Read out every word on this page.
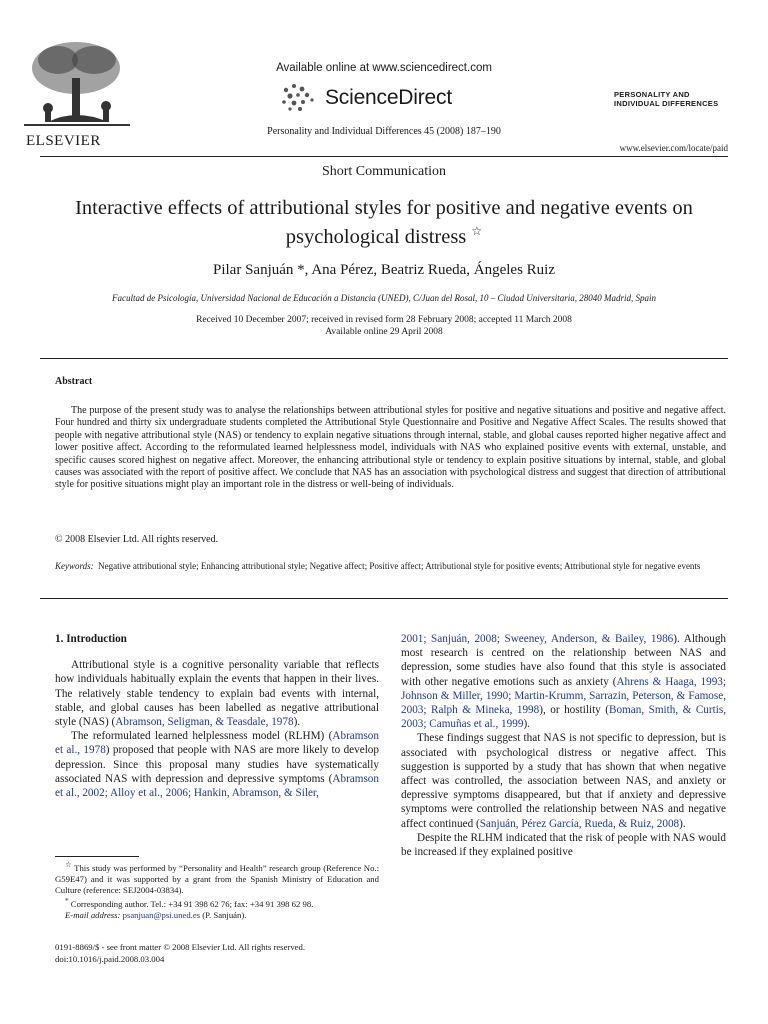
ELSEVIER
Available online at www.sciencedirect.com
ScienceDirect
Personality and Individual Differences 45 (2008) 187–190
PERSONALITY AND
INDIVIDUAL DIFFERENCES
www.elsevier.com/locate/paid
Short Communication
Interactive effects of attributional styles for positive and negative events on psychological distress ☆
Pilar Sanjuán *, Ana Pérez, Beatriz Rueda, Ángeles Ruiz
Facultad de Psicología, Universidad Nacional de Educación a Distancia (UNED), C/Juan del Rosal, 10 – Ciudad Universitaria, 28040 Madrid, Spain
Received 10 December 2007; received in revised form 28 February 2008; accepted 11 March 2008
Available online 29 April 2008
Abstract
The purpose of the present study was to analyse the relationships between attributional styles for positive and negative situations and positive and negative affect. Four hundred and thirty six undergraduate students completed the Attributional Style Questionnaire and Positive and Negative Affect Scales. The results showed that people with negative attributional style (NAS) or tendency to explain negative situations through internal, stable, and global causes reported higher negative affect and lower positive affect. According to the reformulated learned helplessness model, individuals with NAS who explained positive events with external, unstable, and specific causes scored highest on negative affect. Moreover, the enhancing attributional style or tendency to explain positive situations by internal, stable, and global causes was associated with the report of positive affect. We conclude that NAS has an association with psychological distress and suggest that direction of attributional style for positive situations might play an important role in the distress or well-being of individuals.
© 2008 Elsevier Ltd. All rights reserved.
Keywords: Negative attributional style; Enhancing attributional style; Negative affect; Positive affect; Attributional style for positive events; Attributional style for negative events
1. Introduction

Attributional style is a cognitive personality variable that reflects how individuals habitually explain the events that happen in their lives. The relatively stable tendency to explain bad events with internal, stable, and global causes has been labelled as negative attributional style (NAS) (Abramson, Seligman, & Teasdale, 1978).

The reformulated learned helplessness model (RLHM) (Abramson et al., 1978) proposed that people with NAS are more likely to develop depression. Since this proposal many studies have systematically associated NAS with depression and depressive symptoms (Abramson et al., 2002; Alloy et al., 2006; Hankin, Abramson, & Siler,

2001; Sanjuán, 2008; Sweeney, Anderson, & Bailey, 1986). Although most research is centred on the relationship between NAS and depression, some studies have also found that this style is associated with other negative emotions such as anxiety (Ahrens & Haaga, 1993; Johnson & Miller, 1990; Martin-Krumm, Sarrazin, Peterson, & Famose, 2003; Ralph & Mineka, 1998), or hostility (Boman, Smith, & Curtis, 2003; Camuñas et al., 1999).

These findings suggest that NAS is not specific to depression, but is associated with psychological distress or negative affect. This suggestion is supported by a study that has shown that when negative affect was controlled, the association between NAS, and anxiety or depressive symptoms disappeared, but that if anxiety and depressive symptoms were controlled the relationship between NAS and negative affect continued (Sanjuán, Pérez García, Rueda, & Ruiz, 2008).

Despite the RLHM indicated that the risk of people with NAS would be increased if they explained positive

☆ This study was performed by “Personality and Health” research group (Reference No.: G59E47) and it was supported by a grant from the Spanish Ministry of Education and Culture (reference: SEJ2004-03834).
* Corresponding author. Tel.: +34 91 398 62 76; fax: +34 91 398 62 98.
E-mail address: psanjuan@psi.uned.es (P. Sanjuán).
0191-8869/$ - see front matter © 2008 Elsevier Ltd. All rights reserved.
doi:10.1016/j.paid.2008.03.004
